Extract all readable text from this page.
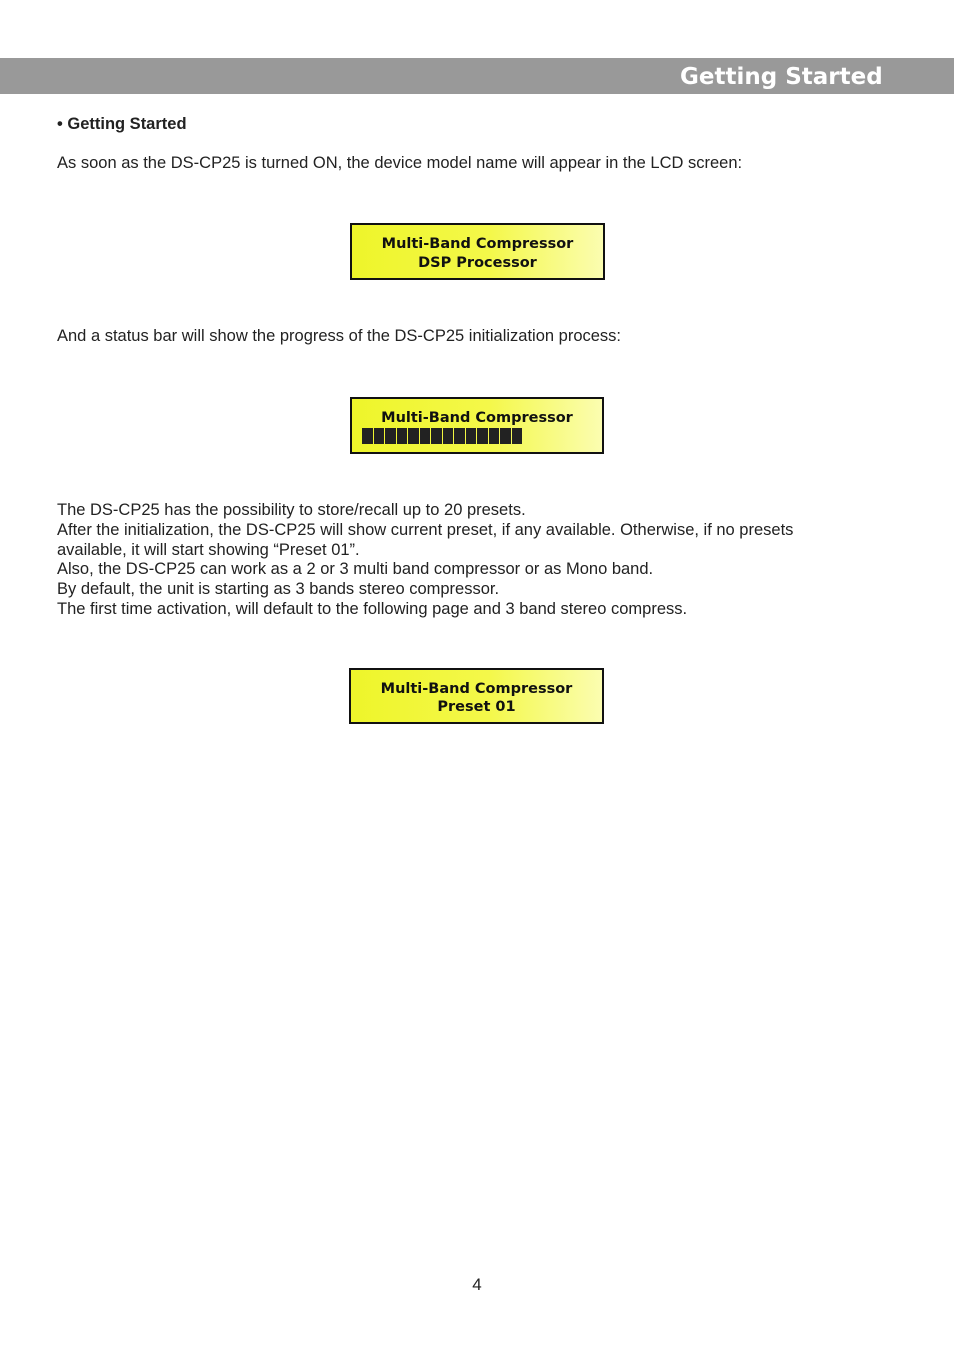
Getting Started
• Getting Started
As soon as the DS-CP25 is turned ON, the device model name will appear in the LCD screen:
Multi-Band Compressor
DSP Processor
And a status bar will show the progress of the DS-CP25 initialization process:
Multi-Band Compressor
The DS-CP25 has the possibility to store/recall up to 20 presets.
After the initialization, the DS-CP25 will show current preset, if any available. Otherwise, if no presets
available, it will start showing “Preset 01”.
Also, the DS-CP25 can work as a 2 or 3 multi band compressor or as Mono band.
By default, the unit is starting as 3 bands stereo compressor.
The first time activation, will default to the following page and 3 band stereo compress.
Multi-Band Compressor
Preset 01
4
